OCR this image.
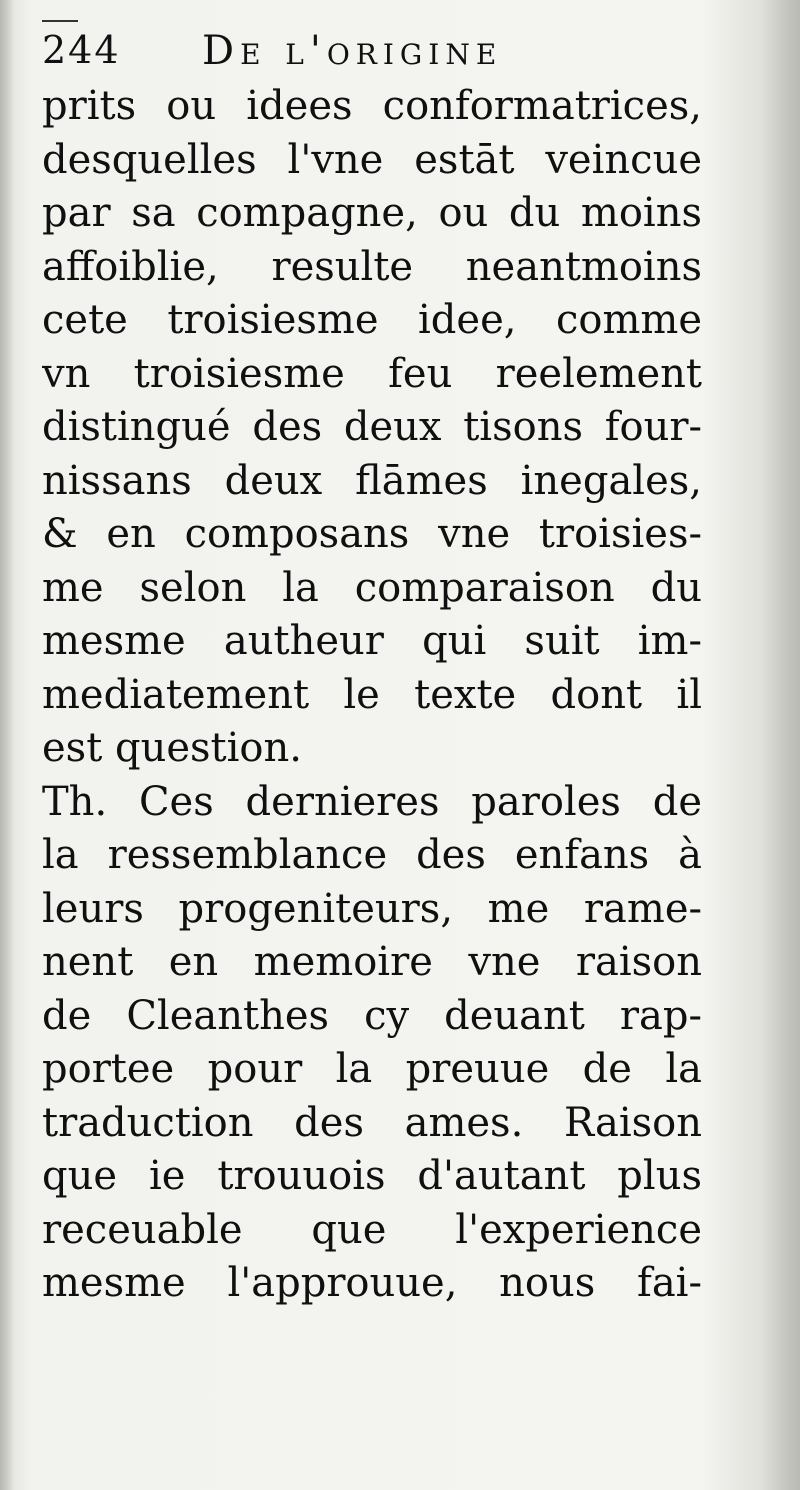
244 De l'origine
prits ou idees conformatrices,
desquelles l'vne estāt veincue
par sa compagne, ou du moins
affoiblie, resulte neantmoins
cete troisiesme idee, comme
vn troisiesme feu reelement
distingué des deux tisons four-
nissans deux flāmes inegales,
& en composans vne troisies-
me selon la comparaison du
mesme autheur qui suit im-
mediatement le texte dont il
est question.
Th. Ces dernieres paroles de
la ressemblance des enfans à
leurs progeniteurs, me rame-
nent en memoire vne raison
de Cleanthes cy deuant rap-
portee pour la preuue de la
traduction des ames. Raison
que ie trouuois d'autant plus
receuable que l'experience
mesme l'approuue, nous fai-
